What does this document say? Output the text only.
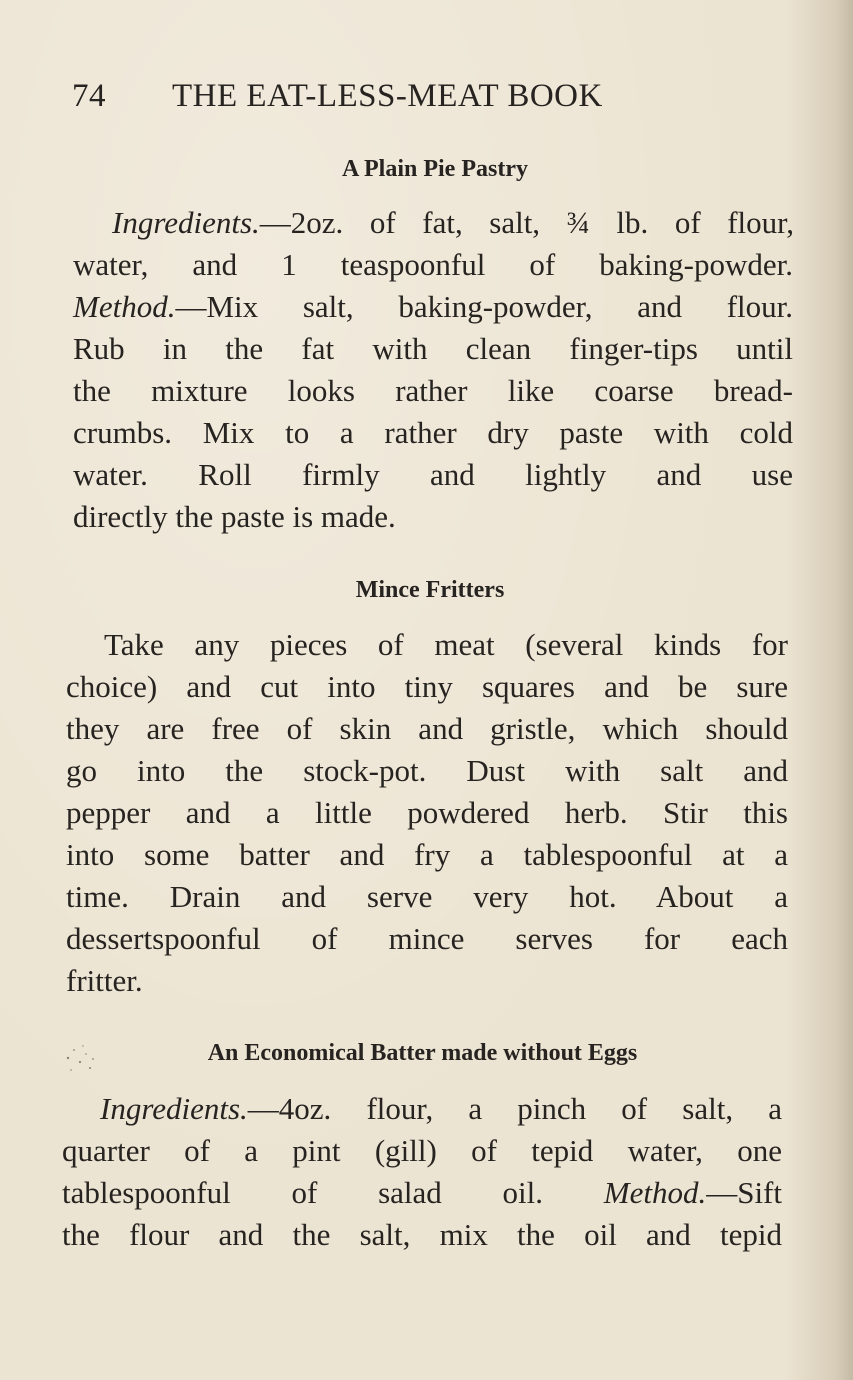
74 THE EAT-LESS-MEAT BOOK
A Plain Pie Pastry
Ingredients.—2oz. of fat, salt, ¾ lb. of flour,
water, and 1 teaspoonful of baking-powder.
Method.—Mix salt, baking-powder, and flour.
Rub in the fat with clean finger-tips until
the mixture looks rather like coarse bread-
crumbs. Mix to a rather dry paste with cold
water. Roll firmly and lightly and use
directly the paste is made.
Mince Fritters
Take any pieces of meat (several kinds for
choice) and cut into tiny squares and be sure
they are free of skin and gristle, which should
go into the stock-pot. Dust with salt and
pepper and a little powdered herb. Stir this
into some batter and fry a tablespoonful at a
time. Drain and serve very hot. About a
dessertspoonful of mince serves for each
fritter.
An Economical Batter made without Eggs
Ingredients.—4oz. flour, a pinch of salt, a
quarter of a pint (gill) of tepid water, one
tablespoonful of salad oil. Method.—Sift
the flour and the salt, mix the oil and tepid
